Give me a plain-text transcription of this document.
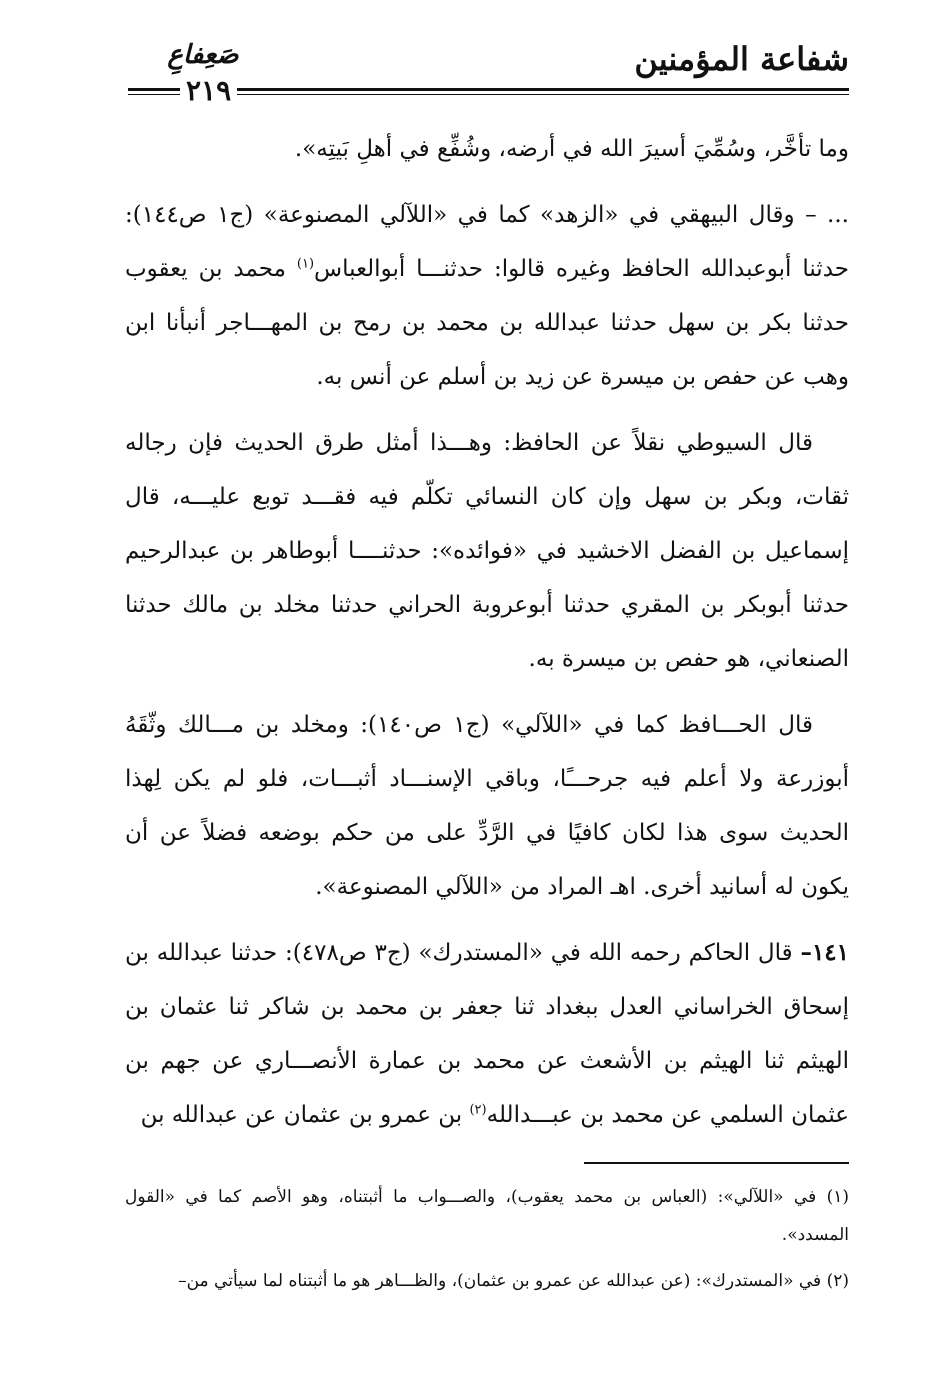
شفاعة المؤمنين
صَعِفاعِ
٢١٩

وما تأخَّر، وسُمِّيَ أسيرَ الله في أرضه، وشُفِّع في أهلِ بَيتِه».

... – وقال البيهقي في «الزهد» كما في «اللآلي المصنوعة» (ج١ ص١٤٤): حدثنا أبوعبدالله الحافظ وغيره قالوا: حدثنـــا أبوالعباس$^{(١)}$ محمد بن يعقوب حدثنا بكر بن سهل حدثنا عبدالله بن محمد بن رمح بن المهـــاجر أنبأنا ابن وهب عن حفص بن ميسرة عن زيد بن أسلم عن أنس به.

قال السيوطي نقلاً عن الحافظ: وهـــذا أمثل طرق الحديث فإن رجاله ثقات، وبكر بن سهل وإن كان النسائي تكلّم فيه فقـــد توبع عليـــه، قال إسماعيل بن الفضل الاخشيد في «فوائده»: حدثنــــا أبوطاهر بن عبدالرحيم حدثنا أبوبكر بن المقري حدثنا أبوعروبة الحراني حدثنا مخلد بن مالك حدثنا الصنعاني، هو حفص بن ميسرة به.

قال الحـــافظ كما في «اللآلي» (ج١ ص١٤٠): ومخلد بن مـــالك وثّقَهُ أبوزرعة ولا أعلم فيه جرحـــًا، وباقي الإسنـــاد أثبـــات، فلو لم يكن لِهذا الحديث سوى هذا لكان كافيًا في الرَّدِّ على من حكم بوضعه فضلاً عن أن يكون له أسانيد أخرى. اهـ المراد من «اللآلي المصنوعة».

١٤١– قال الحاكم رحمه الله في «المستدرك» (ج٣ ص٤٧٨): حدثنا عبدالله بن إسحاق الخراساني العدل ببغداد ثنا جعفر بن محمد بن شاكر ثنا عثمان بن الهيثم ثنا الهيثم بن الأشعث عن محمد بن عمارة الأنصـــاري عن جهم بن عثمان السلمي عن محمد بن عبـــدالله$^{(٢)}$ بن عمرو بن عثمان عن عبدالله بن

(١) في «اللآلي»: (العباس بن محمد يعقوب)، والصـــواب ما أثبتناه، وهو الأصم كما في «القول المسدد».

(٢) في «المستدرك»: (عن عبدالله عن عمرو بن عثمان)، والظـــاهر هو ما أثبتناه لما سيأتي من–
